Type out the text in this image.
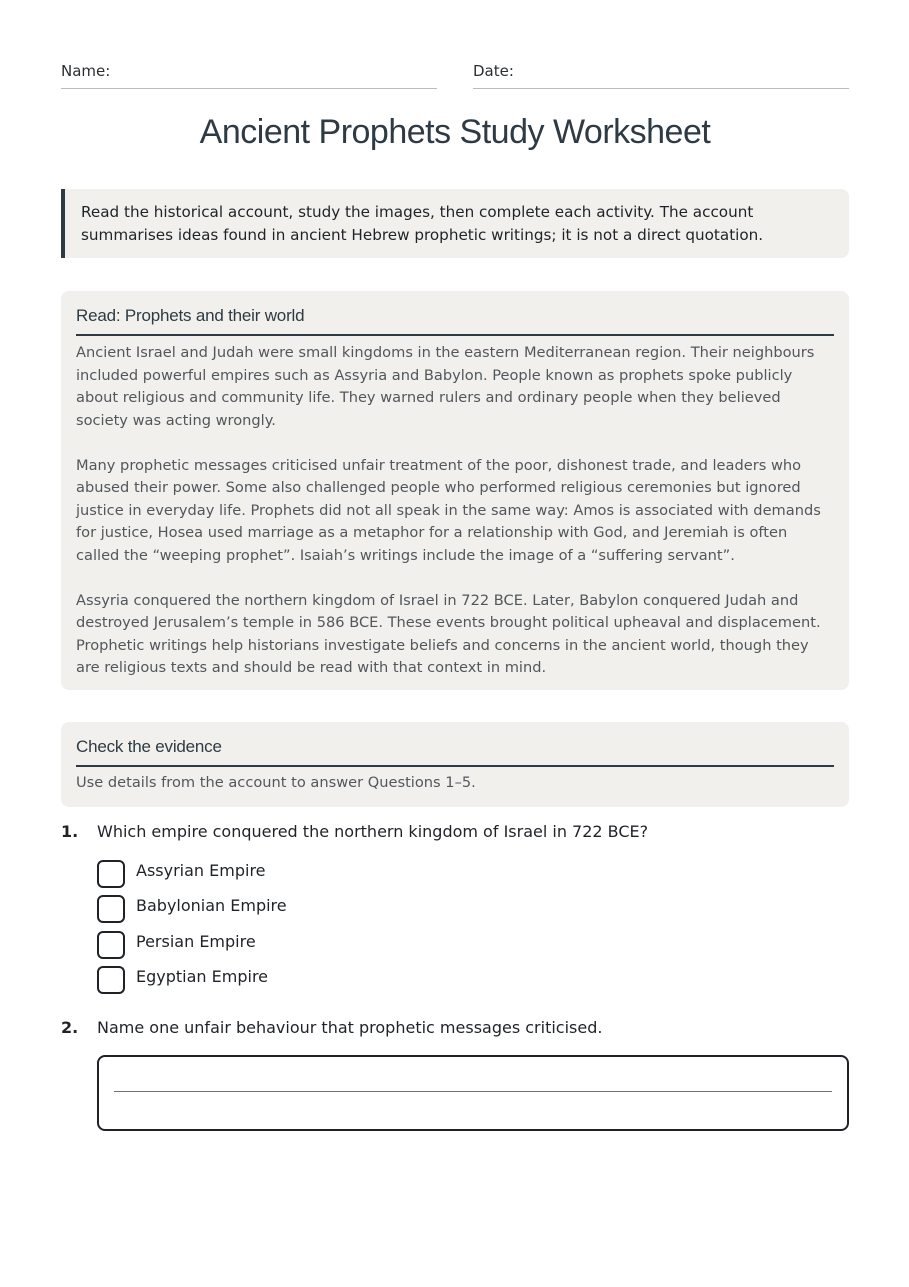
Name:	Date:
Ancient Prophets Study Worksheet
Read the historical account, study the images, then complete each activity. The account summarises ideas found in ancient Hebrew prophetic writings; it is not a direct quotation.
Read: Prophets and their world

Ancient Israel and Judah were small kingdoms in the eastern Mediterranean region. Their neighbours included powerful empires such as Assyria and Babylon. People known as prophets spoke publicly about religious and community life. They warned rulers and ordinary people when they believed society was acting wrongly.

Many prophetic messages criticised unfair treatment of the poor, dishonest trade, and leaders who abused their power. Some also challenged people who performed religious ceremonies but ignored justice in everyday life. Prophets did not all speak in the same way: Amos is associated with demands for justice, Hosea used marriage as a metaphor for a relationship with God, and Jeremiah is often called the “weeping prophet”. Isaiah’s writings include the image of a “suffering servant”.

Assyria conquered the northern kingdom of Israel in 722 BCE. Later, Babylon conquered Judah and destroyed Jerusalem’s temple in 586 BCE. These events brought political upheaval and displacement. Prophetic writings help historians investigate beliefs and concerns in the ancient world, though they are religious texts and should be read with that context in mind.

Check the evidence

Use details from the account to answer Questions 1–5.

1. Which empire conquered the northern kingdom of Israel in 722 BCE?
Assyrian Empire
Babylonian Empire
Persian Empire
Egyptian Empire
2. Name one unfair behaviour that prophetic messages criticised.
